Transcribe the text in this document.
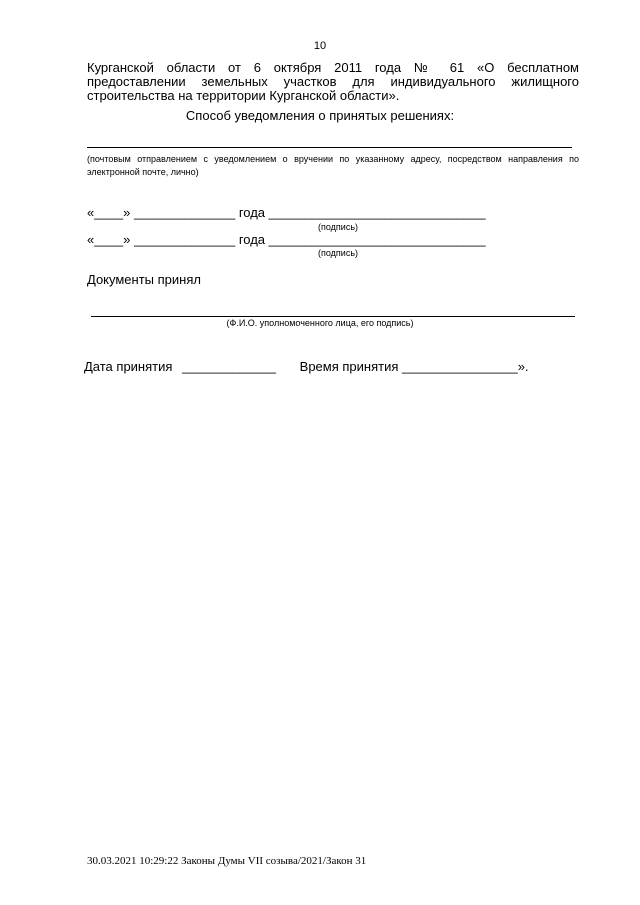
10
Курганской области от 6 октября 2011 года № 61 «О бесплатном
предоставлении земельных участков для индивидуального жилищного
строительства на территории Курганской области».
Способ уведомления о принятых решениях:
(почтовым отправлением с уведомлением о вручении по указанному адресу, посредством направления по электронной почте, лично)
«____» ______________ года ______________________________
(подпись)
«____» ______________ года ______________________________
(подпись)
Документы принял
(Ф.И.О. уполномоченного лица, его подпись)
Дата принятия _____________ Время принятия ________________».
30.03.2021 10:29:22 Законы Думы VII созыва/2021/Закон 31
